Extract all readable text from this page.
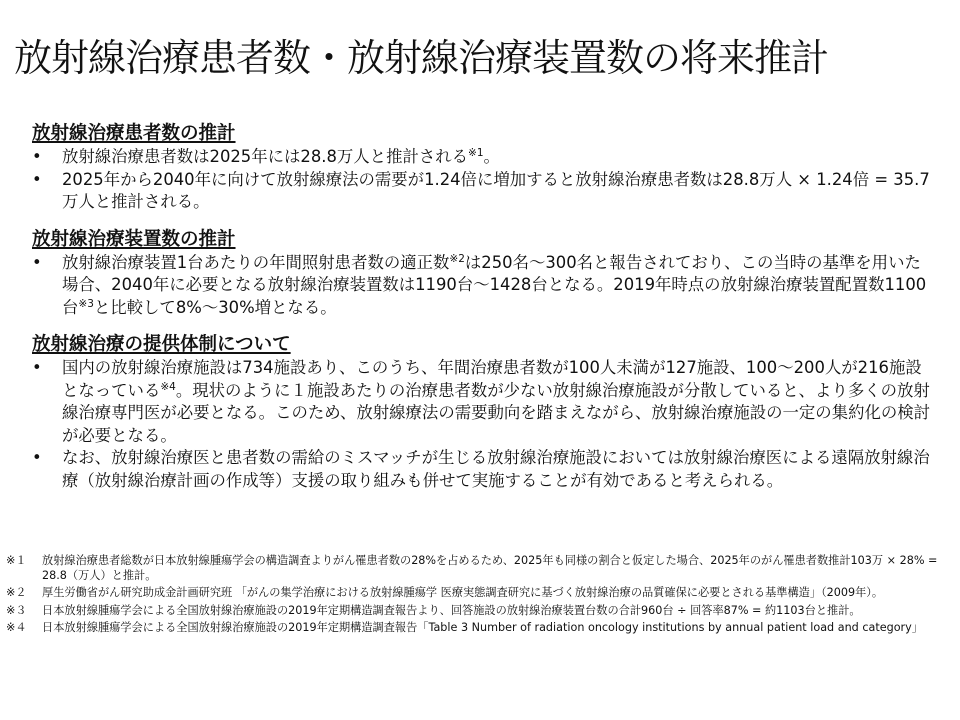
放射線治療患者数・放射線治療装置数の将来推計
放射線治療患者数の推計
•	放射線治療患者数は2025年には28.8万人と推計される$^{※1}$。
•	2025年から2040年に向けて放射線療法の需要が1.24倍に増加すると放射線治療患者数は28.8万人 × 1.24倍 = 35.7万人と推計される。
放射線治療装置数の推計
•	放射線治療装置1台あたりの年間照射患者数の適正数$^{※2}$は250名～300名と報告されており、この当時の基準を用いた場合、2040年に必要となる放射線治療装置数は1190台～1428台となる。2019年時点の放射線治療装置配置数1100台$^{※3}$と比較して8%～30%増となる。
放射線治療の提供体制について
•	国内の放射線治療施設は734施設あり、このうち、年間治療患者数が100人未満が127施設、100～200人が216施設となっている$^{※4}$。現状のように１施設あたりの治療患者数が少ない放射線治療施設が分散していると、より多くの放射線治療専門医が必要となる。このため、放射線療法の需要動向を踏まえながら、放射線治療施設の一定の集約化の検討が必要となる。
•	なお、放射線治療医と患者数の需給のミスマッチが生じる放射線治療施設においては放射線治療医による遠隔放射線治療（放射線治療計画の作成等）支援の取り組みも併せて実施することが有効であると考えられる。
※１ 放射線治療患者総数が日本放射線腫瘍学会の構造調査よりがん罹患者数の28%を占めるため、2025年も同様の割合と仮定した場合、2025年のがん罹患者数推計103万 × 28% = 28.8（万人）と推計。
※２ 厚生労働省がん研究助成金計画研究班 「がんの集学治療における放射線腫瘍学 医療実態調査研究に基づく放射線治療の品質確保に必要とされる基準構造」（2009年）。
※３ 日本放射線腫瘍学会による全国放射線治療施設の2019年定期構造調査報告より、回答施設の放射線治療装置台数の合計960台 ÷ 回答率87% = 約1103台と推計。
※４ 日本放射線腫瘍学会による全国放射線治療施設の2019年定期構造調査報告「Table 3 Number of radiation oncology institutions by annual patient load and category」
